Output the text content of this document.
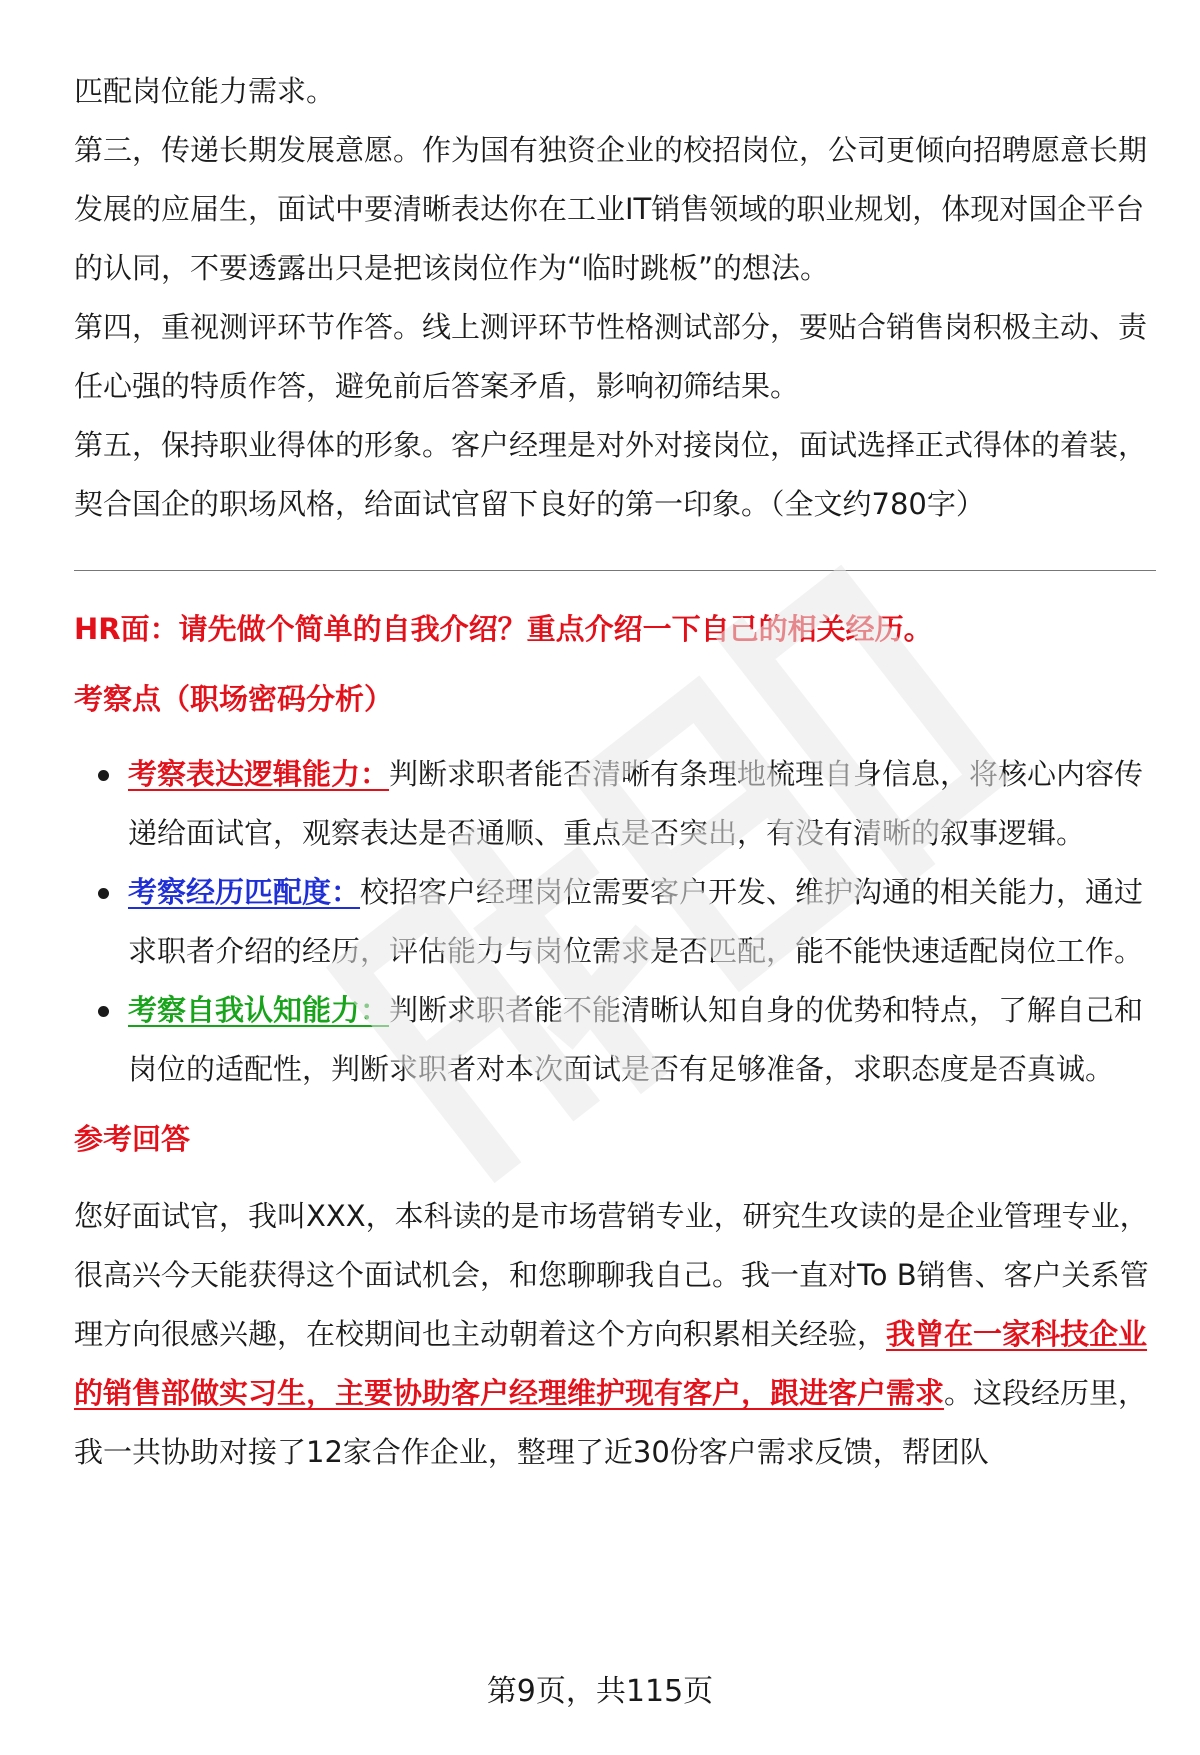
匹配岗位能力需求。

第三，传递长期发展意愿。作为国有独资企业的校招岗位，公司更倾向招聘愿意长期发展的应届生，面试中要清晰表达你在工业IT销售领域的职业规划，体现对国企平台的认同，不要透露出只是把该岗位作为“临时跳板”的想法。

第四，重视测评环节作答。线上测评环节性格测试部分，要贴合销售岗积极主动、责任心强的特质作答，避免前后答案矛盾，影响初筛结果。

第五，保持职业得体的形象。客户经理是对外对接岗位，面试选择正式得体的着装，契合国企的职场风格，给面试官留下良好的第一印象。（全文约780字）

HR面：请先做个简单的自我介绍？重点介绍一下自己的相关经历。

考察点（职场密码分析）

考察表达逻辑能力：判断求职者能否清晰有条理地梳理自身信息，将核心内容传递给面试官，观察表达是否通顺、重点是否突出，有没有清晰的叙事逻辑。
考察经历匹配度：校招客户经理岗位需要客户开发、维护沟通的相关能力，通过求职者介绍的经历，评估能力与岗位需求是否匹配，能不能快速适配岗位工作。
考察自我认知能力：判断求职者能不能清晰认知自身的优势和特点，了解自己和岗位的适配性，判断求职者对本次面试是否有足够准备，求职态度是否真诚。

参考回答

您好面试官，我叫XXX，本科读的是市场营销专业，研究生攻读的是企业管理专业，很高兴今天能获得这个面试机会，和您聊聊我自己。我一直对To B销售、客户关系管理方向很感兴趣，在校期间也主动朝着这个方向积累相关经验，我曾在一家科技企业的销售部做实习生，主要协助客户经理维护现有客户，跟进客户需求。这段经历里，我一共协助对接了12家合作企业，整理了近30份客户需求反馈，帮团队

第9页，共115页
